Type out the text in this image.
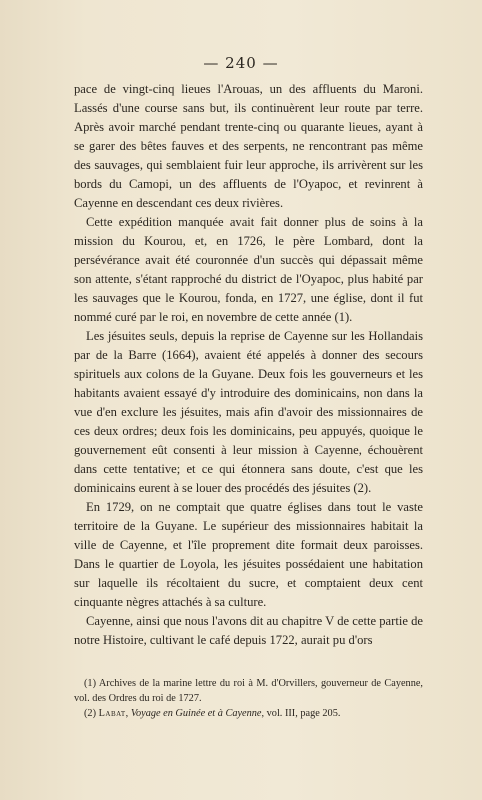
— 240 —

pace de vingt-cinq lieues l'Arouas, un des affluents du Maroni. Lassés d'une course sans but, ils continuèrent leur route par terre. Après avoir marché pendant trente-cinq ou quarante lieues, ayant à se garer des bêtes fauves et des serpents, ne rencontrant pas même des sauvages, qui semblaient fuir leur approche, ils arrivèrent sur les bords du Camopi, un des affluents de l'Oyapoc, et revinrent à Cayenne en descendant ces deux rivières.

Cette expédition manquée avait fait donner plus de soins à la mission du Kourou, et, en 1726, le père Lombard, dont la persévérance avait été couronnée d'un succès qui dépassait même son attente, s'étant rapproché du district de l'Oyapoc, plus habité par les sauvages que le Kourou, fonda, en 1727, une église, dont il fut nommé curé par le roi, en novembre de cette année (1).

Les jésuites seuls, depuis la reprise de Cayenne sur les Hollandais par de la Barre (1664), avaient été appelés à donner des secours spirituels aux colons de la Guyane. Deux fois les gouverneurs et les habitants avaient essayé d'y introduire des dominicains, non dans la vue d'en exclure les jésuites, mais afin d'avoir des missionnaires de ces deux ordres; deux fois les dominicains, peu appuyés, quoique le gouvernement eût consenti à leur mission à Cayenne, échouèrent dans cette tentative; et ce qui étonnera sans doute, c'est que les dominicains eurent à se louer des procédés des jésuites (2).

En 1729, on ne comptait que quatre églises dans tout le vaste territoire de la Guyane. Le supérieur des missionnaires habitait la ville de Cayenne, et l'île proprement dite formait deux paroisses. Dans le quartier de Loyola, les jésuites possédaient une habitation sur laquelle ils récoltaient du sucre, et comptaient deux cent cinquante nègres attachés à sa culture.

Cayenne, ainsi que nous l'avons dit au chapitre V de cette partie de notre Histoire, cultivant le café depuis 1722, aurait pu d'ors

(1) Archives de la marine lettre du roi à M. d'Orvillers, gouverneur de Cayenne, vol. des Ordres du roi de 1727.

(2) Labat, Voyage en Guinée et à Cayenne, vol. III, page 205.
